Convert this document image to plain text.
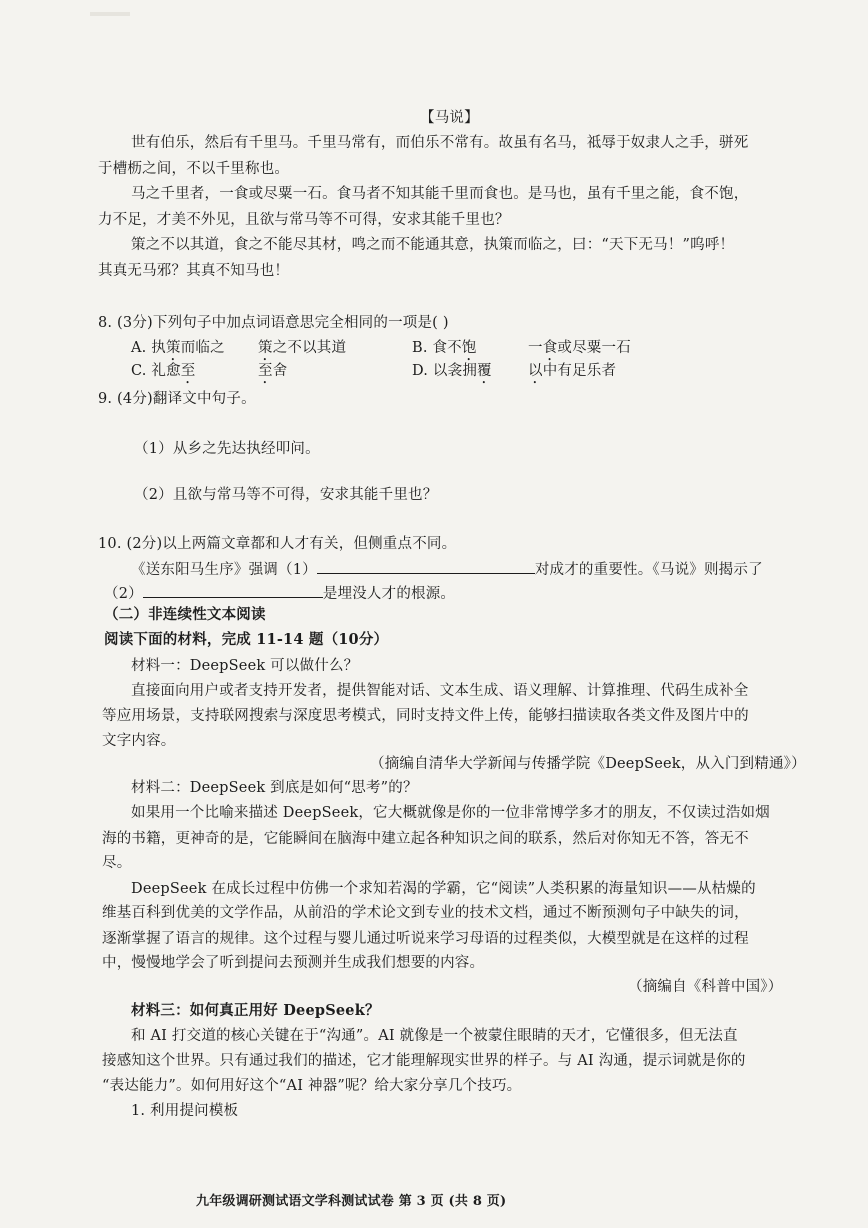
【马说】
世有伯乐，然后有千里马。千里马常有，而伯乐不常有。故虽有名马，祗辱于奴隶人之手，骈死
于槽枥之间，不以千里称也。
马之千里者，一食或尽粟一石。食马者不知其能千里而食也。是马也，虽有千里之能，食不饱，
力不足，才美不外见，且欲与常马等不可得，安求其能千里也？
策之不以其道，食之不能尽其材，鸣之而不能通其意，执策而临之，曰：“天下无马！”呜呼！
其真无马邪？其真不知马也！
8. (3分)下列句子中加点词语意思完全相同的一项是( )
A. 执策而临之 策之不以其道	B. 食不饱	一食或尽粟一石
C. 礼愈至	至舍	D. 以衾拥覆	以中有足乐者
9. (4分)翻译文中句子。
（1）从乡之先达执经叩问。
（2）且欲与常马等不可得，安求其能千里也？
10. (2分)以上两篇文章都和人才有关，但侧重点不同。
《送东阳马生序》强调（1）	对成才的重要性。《马说》则揭示了
（2）	是埋没人才的根源。
（二）非连续性文本阅读
阅读下面的材料，完成 11-14 题（10分）
材料一：DeepSeek 可以做什么？
直接面向用户或者支持开发者，提供智能对话、文本生成、语义理解、计算推理、代码生成补全
等应用场景，支持联网搜索与深度思考模式，同时支持文件上传，能够扫描读取各类文件及图片中的
文字内容。
（摘编自清华大学新闻与传播学院《DeepSeek，从入门到精通》）
材料二：DeepSeek 到底是如何“思考”的？
如果用一个比喻来描述 DeepSeek，它大概就像是你的一位非常博学多才的朋友，不仅读过浩如烟
海的书籍，更神奇的是，它能瞬间在脑海中建立起各种知识之间的联系，然后对你知无不答，答无不
尽。
DeepSeek 在成长过程中仿佛一个求知若渴的学霸，它“阅读”人类积累的海量知识——从枯燥的
维基百科到优美的文学作品，从前沿的学术论文到专业的技术文档，通过不断预测句子中缺失的词，
逐渐掌握了语言的规律。这个过程与婴儿通过听说来学习母语的过程类似，大模型就是在这样的过程
中，慢慢地学会了听到提问去预测并生成我们想要的内容。
（摘编自《科普中国》）
材料三：如何真正用好 DeepSeek？
和 AI 打交道的核心关键在于“沟通”。AI 就像是一个被蒙住眼睛的天才，它懂很多，但无法直
接感知这个世界。只有通过我们的描述，它才能理解现实世界的样子。与 AI 沟通，提示词就是你的
“表达能力”。如何用好这个“AI 神器”呢？给大家分享几个技巧。
1. 利用提问模板
九年级调研测试语文学科测试试卷 第 3 页 (共 8 页)
